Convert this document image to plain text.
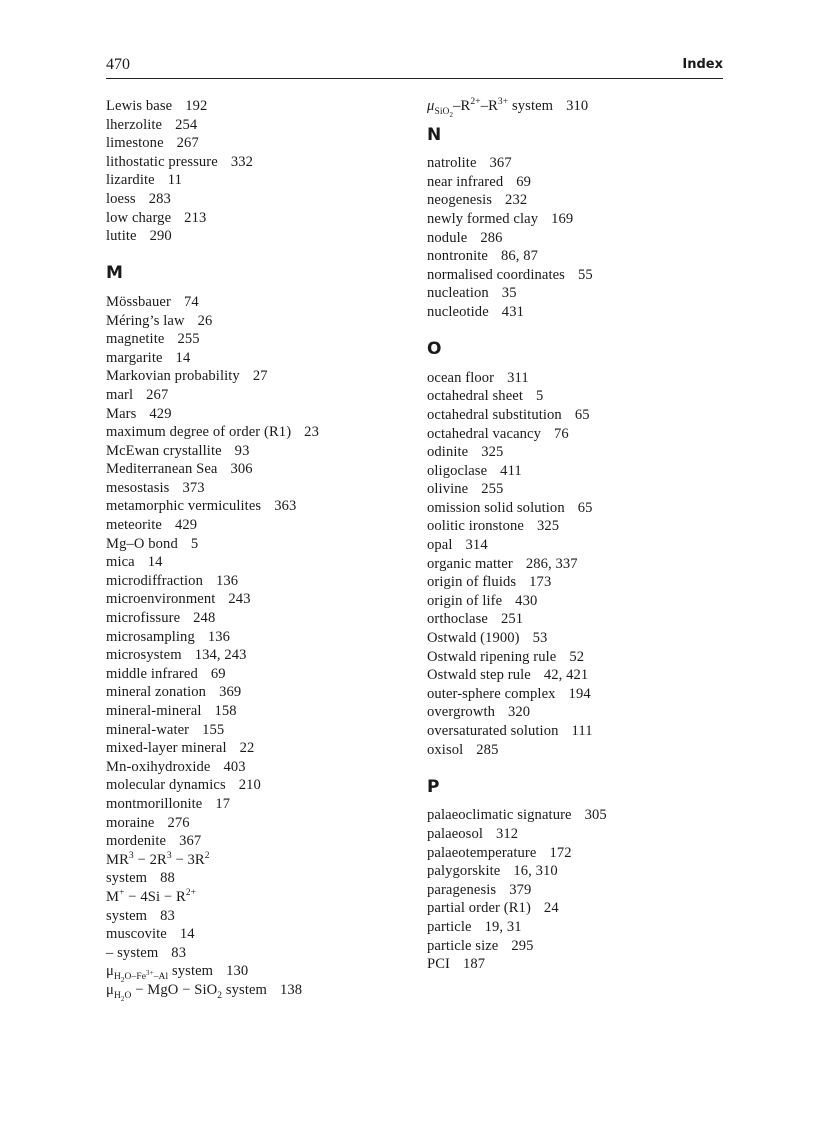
470	Index
Lewis base 192
lherzolite 254
limestone 267
lithostatic pressure 332
lizardite 11
loess 283
low charge 213
lutite 290
M
Mössbauer 74
Méring’s law 26
magnetite 255
margarite 14
Markovian probability 27
marl 267
Mars 429
maximum degree of order (R1) 23
McEwan crystallite 93
Mediterranean Sea 306
mesostasis 373
metamorphic vermiculites 363
meteorite 429
Mg–O bond 5
mica 14
microdiffraction 136
microenvironment 243
microfissure 248
microsampling 136
microsystem 134, 243
middle infrared 69
mineral zonation 369
mineral-mineral 158
mineral-water 155
mixed-layer mineral 22
Mn-oxihydroxide 403
molecular dynamics 210
montmorillonite 17
moraine 276
mordenite 367
$MR^3 - 2R^3 - 3R^2$
system 88
$M^+ - 4Si - R^{2+}$
system 83
muscovite 14
– system 83
$\mu_{H_2O-Fe^{3+}-Al}$ system 130
$\mu_{H_2O}$ − MgO − SiO$_2$ system 138
$\mu_{SiO_2}-R^{2+}-R^{3+}$ system 310
N
natrolite 367
near infrared 69
neogenesis 232
newly formed clay 169
nodule 286
nontronite 86, 87
normalised coordinates 55
nucleation 35
nucleotide 431
O
ocean floor 311
octahedral sheet 5
octahedral substitution 65
octahedral vacancy 76
odinite 325
oligoclase 411
olivine 255
omission solid solution 65
oolitic ironstone 325
opal 314
organic matter 286, 337
origin of fluids 173
origin of life 430
orthoclase 251
Ostwald (1900) 53
Ostwald ripening rule 52
Ostwald step rule 42, 421
outer-sphere complex 194
overgrowth 320
oversaturated solution 111
oxisol 285
P
palaeoclimatic signature 305
palaeosol 312
palaeotemperature 172
palygorskite 16, 310
paragenesis 379
partial order (R1) 24
particle 19, 31
particle size 295
PCI 187
